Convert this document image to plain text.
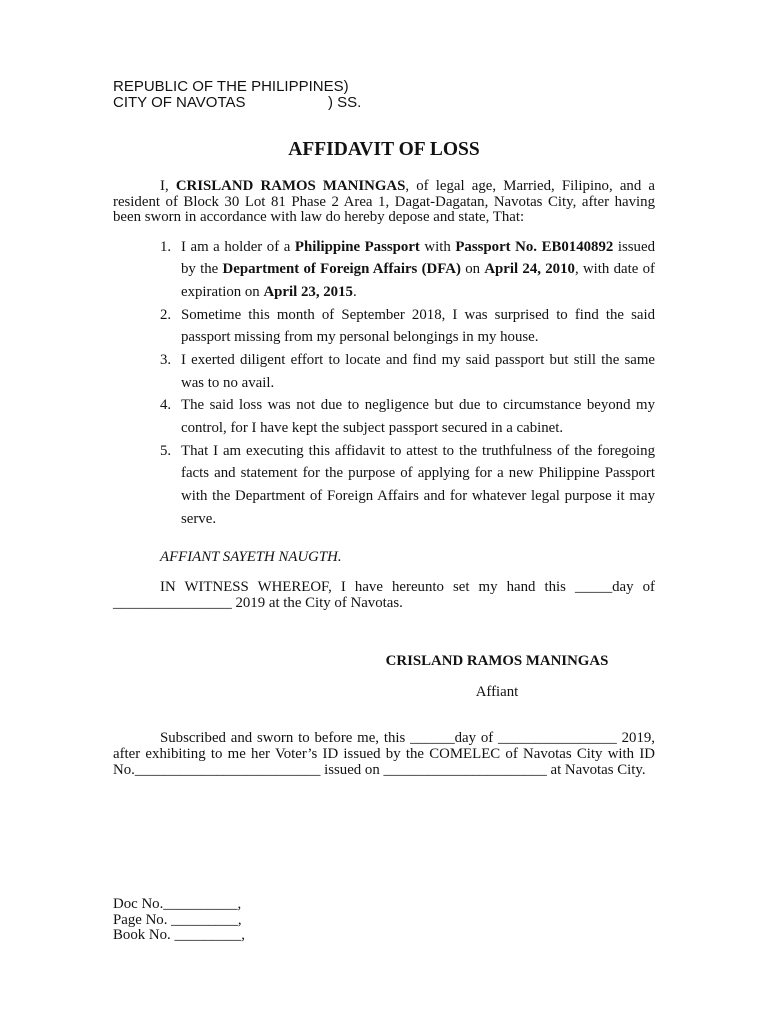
REPUBLIC OF THE PHILIPPINES)
CITY OF NAVOTAS	) SS.
AFFIDAVIT OF LOSS

I, CRISLAND RAMOS MANINGAS, of legal age, Married, Filipino, and a resident of Block 30 Lot 81 Phase 2 Area 1, Dagat-Dagatan, Navotas City, after having been sworn in accordance with law do hereby depose and state, That:

1. I am a holder of a Philippine Passport with Passport No. EB0140892 issued by the Department of Foreign Affairs (DFA) on April 24, 2010, with date of expiration on April 23, 2015.
2. Sometime this month of September 2018, I was surprised to find the said passport missing from my personal belongings in my house.
3. I exerted diligent effort to locate and find my said passport but still the same was to no avail.
4. The said loss was not due to negligence but due to circumstance beyond my control, for I have kept the subject passport secured in a cabinet.
5. That I am executing this affidavit to attest to the truthfulness of the foregoing facts and statement for the purpose of applying for a new Philippine Passport with the Department of Foreign Affairs and for whatever legal purpose it may serve.
AFFIANT SAYETH NAUGTH.

IN WITNESS WHEREOF, I have hereunto set my hand this _____day of ________________ 2019 at the City of Navotas.

CRISLAND RAMOS MANINGAS
Affiant

Subscribed and sworn to before me, this ______day of ________________ 2019, after exhibiting to me her Voter’s ID issued by the COMELEC of Navotas City with ID No._________________________ issued on ______________________ at Navotas City.

Doc No.__________,
Page No. _________,
Book No. _________,
